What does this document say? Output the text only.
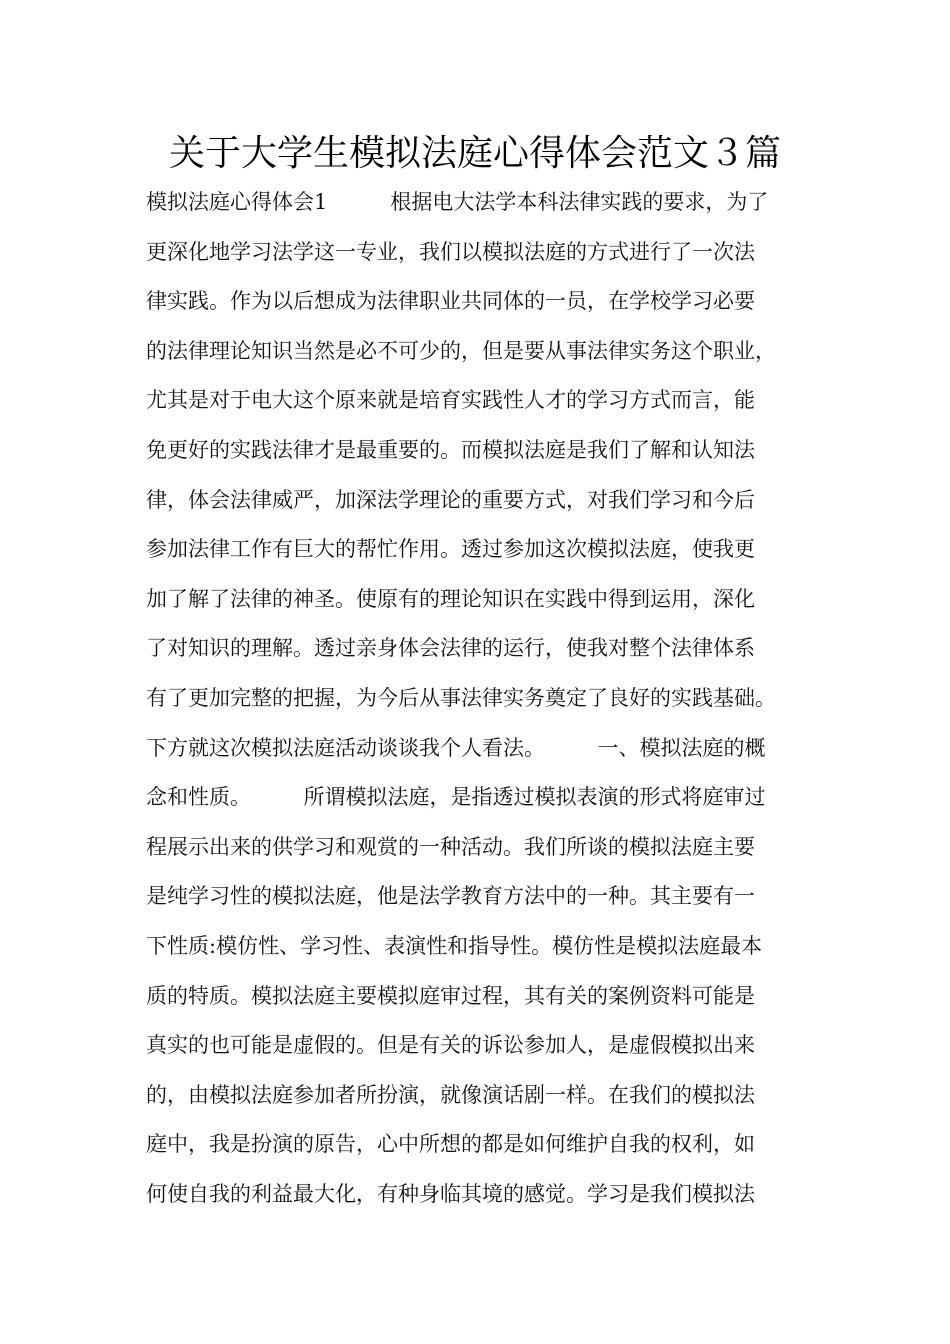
关于大学生模拟法庭心得体会范文３篇
模拟法庭心得体会1　　　根据电大法学本科法律实践的要求，为了
更深化地学习法学这一专业，我们以模拟法庭的方式进行了一次法
律实践。作为以后想成为法律职业共同体的一员，在学校学习必要
的法律理论知识当然是必不可少的，但是要从事法律实务这个职业，
尤其是对于电大这个原来就是培育实践性人才的学习方式而言，能
免更好的实践法律才是最重要的。而模拟法庭是我们了解和认知法
律，体会法律威严，加深法学理论的重要方式，对我们学习和今后
参加法律工作有巨大的帮忙作用。透过参加这次模拟法庭，使我更
加了解了法律的神圣。使原有的理论知识在实践中得到运用，深化
了对知识的理解。透过亲身体会法律的运行，使我对整个法律体系
有了更加完整的把握，为今后从事法律实务奠定了良好的实践基础。
下方就这次模拟法庭活动谈谈我个人看法。　　　一、模拟法庭的概
念和性质。　　　所谓模拟法庭，是指透过模拟表演的形式将庭审过
程展示出来的供学习和观赏的一种活动。我们所谈的模拟法庭主要
是纯学习性的模拟法庭，他是法学教育方法中的一种。其主要有一
下性质:模仿性、学习性、表演性和指导性。模仿性是模拟法庭最本
质的特质。模拟法庭主要模拟庭审过程，其有关的案例资料可能是
真实的也可能是虚假的。但是有关的诉讼参加人，是虚假模拟出来
的，由模拟法庭参加者所扮演，就像演话剧一样。在我们的模拟法
庭中，我是扮演的原告，心中所想的都是如何维护自我的权利，如
何使自我的利益最大化，有种身临其境的感觉。学习是我们模拟法
